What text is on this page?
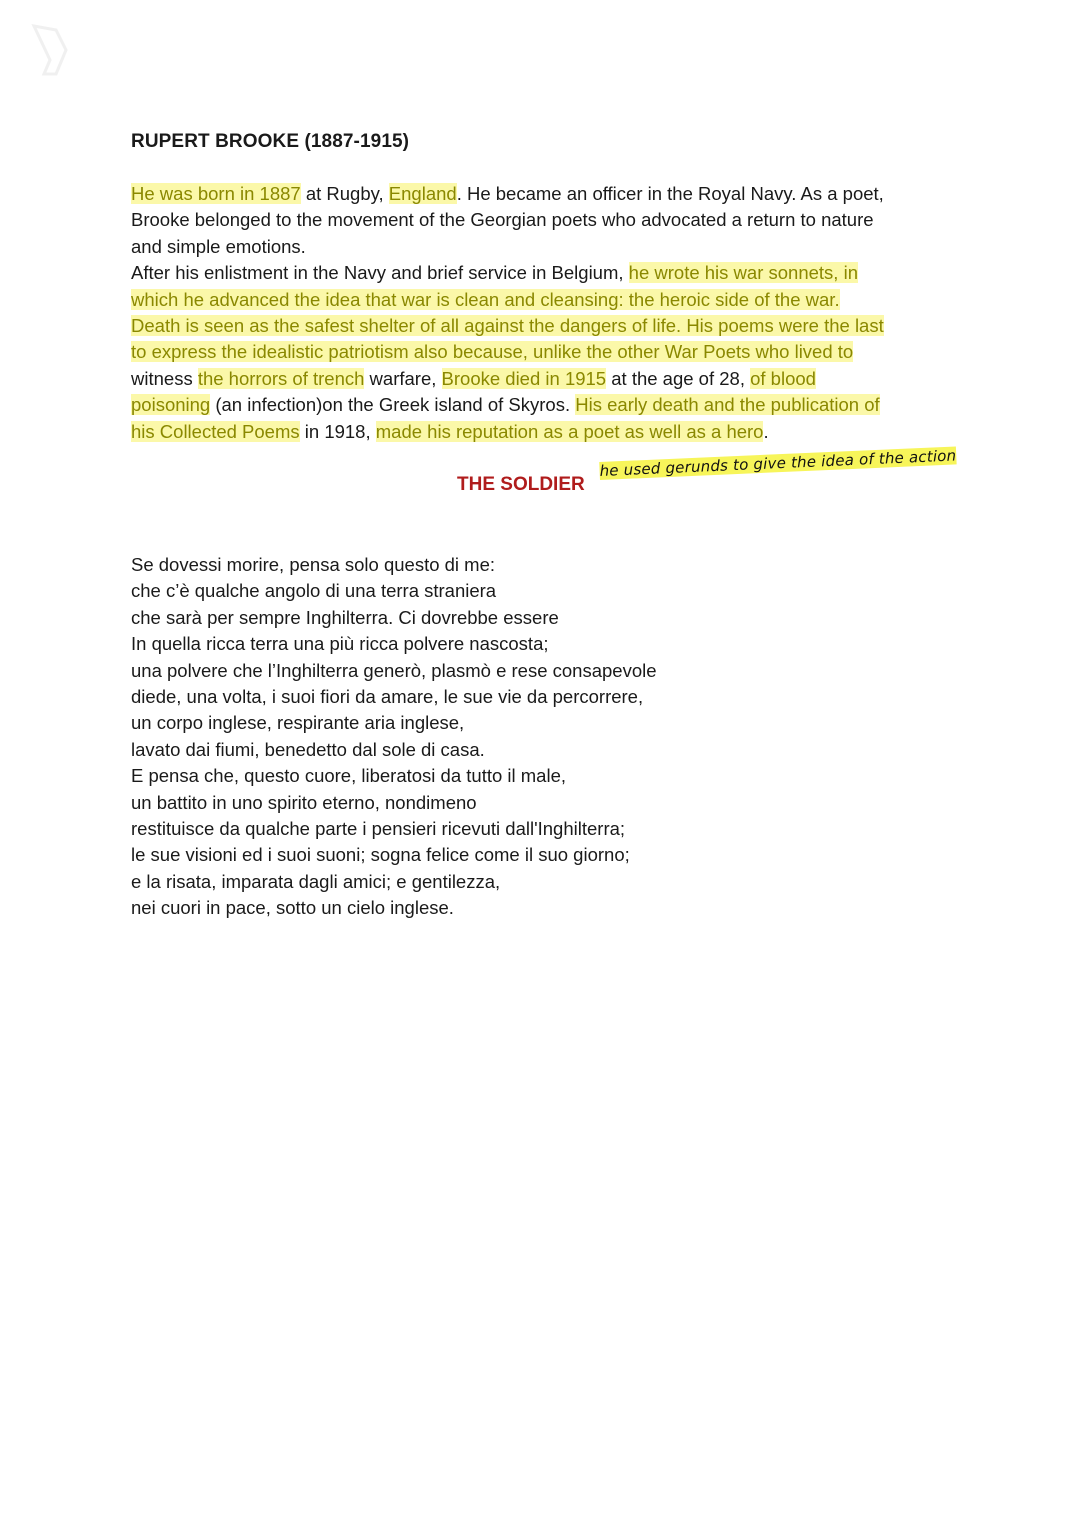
RUPERT BROOKE (1887-1915)
He was born in 1887 at Rugby, England. He became an officer in the Royal Navy. As a poet,
Brooke belonged to the movement of the Georgian poets who advocated a return to nature
and simple emotions.
After his enlistment in the Navy and brief service in Belgium, he wrote his war sonnets, in
which he advanced the idea that war is clean and cleansing: the heroic side of the war.
Death is seen as the safest shelter of all against the dangers of life. His poems were the last
to express the idealistic patriotism also because, unlike the other War Poets who lived to
witness the horrors of trench warfare, Brooke died in 1915 at the age of 28, of blood
poisoning (an infection)on the Greek island of Skyros. His early death and the publication of
his Collected Poems in 1918, made his reputation as a poet as well as a hero.
THE SOLDIER
he used gerunds to give the idea of the action
Se dovessi morire, pensa solo questo di me:
che c’è qualche angolo di una terra straniera
che sarà per sempre Inghilterra. Ci dovrebbe essere
In quella ricca terra una più ricca polvere nascosta;
una polvere che l’Inghilterra generò, plasmò e rese consapevole
diede, una volta, i suoi fiori da amare, le sue vie da percorrere,
un corpo inglese, respirante aria inglese,
lavato dai fiumi, benedetto dal sole di casa.
E pensa che, questo cuore, liberatosi da tutto il male,
un battito in uno spirito eterno, nondimeno
restituisce da qualche parte i pensieri ricevuti dall'Inghilterra;
le sue visioni ed i suoi suoni; sogna felice come il suo giorno;
e la risata, imparata dagli amici; e gentilezza,
nei cuori in pace, sotto un cielo inglese.
